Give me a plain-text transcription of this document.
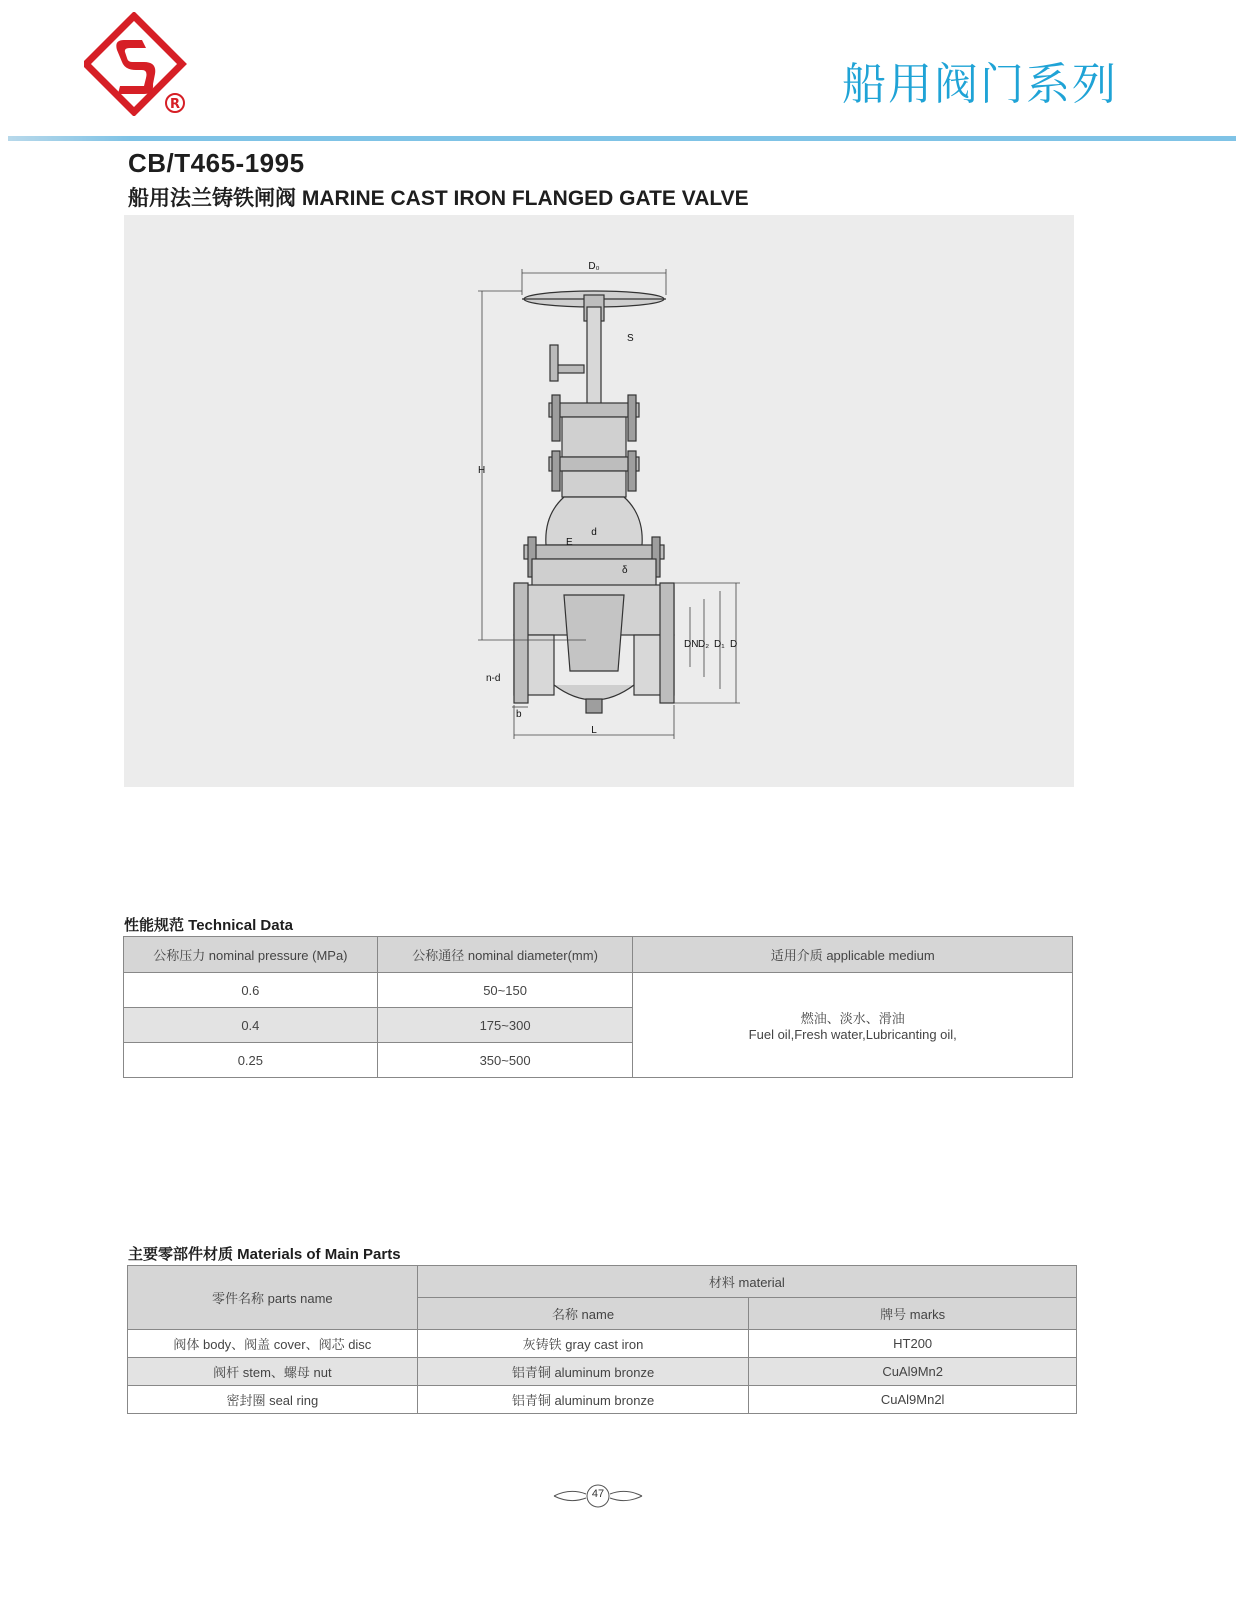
R	船用阀门系列
CB/T465-1995
船用法兰铸铁闸阀 MARINE CAST IRON FLANGED GATE VALVE
D₀
S
H
d
E
δ
DN D₂ D₁ D
n-d
b
L
性能规范 Technical Data
公称压力 nominal pressure (MPa)	公称通径 nominal diameter(mm)	适用介质 applicable medium
0.6	50~150	燃油、淡水、滑油
Fuel oil,Fresh water,Lubricanting oil,

0.4	175~300	
0.25	350~500	
主要零部件材质 Materials of Main Parts
零件名称 parts name	材料 material	
	名称 name	牌号 marks
阀体 body、阀盖 cover、阀芯 disc	灰铸铁 gray cast iron	HT200
阀杆 stem、螺母 nut	铝青铜 aluminum bronze	CuAl9Mn2
密封圈 seal ring	铝青铜 aluminum bronze	CuAl9Mn2l
47
